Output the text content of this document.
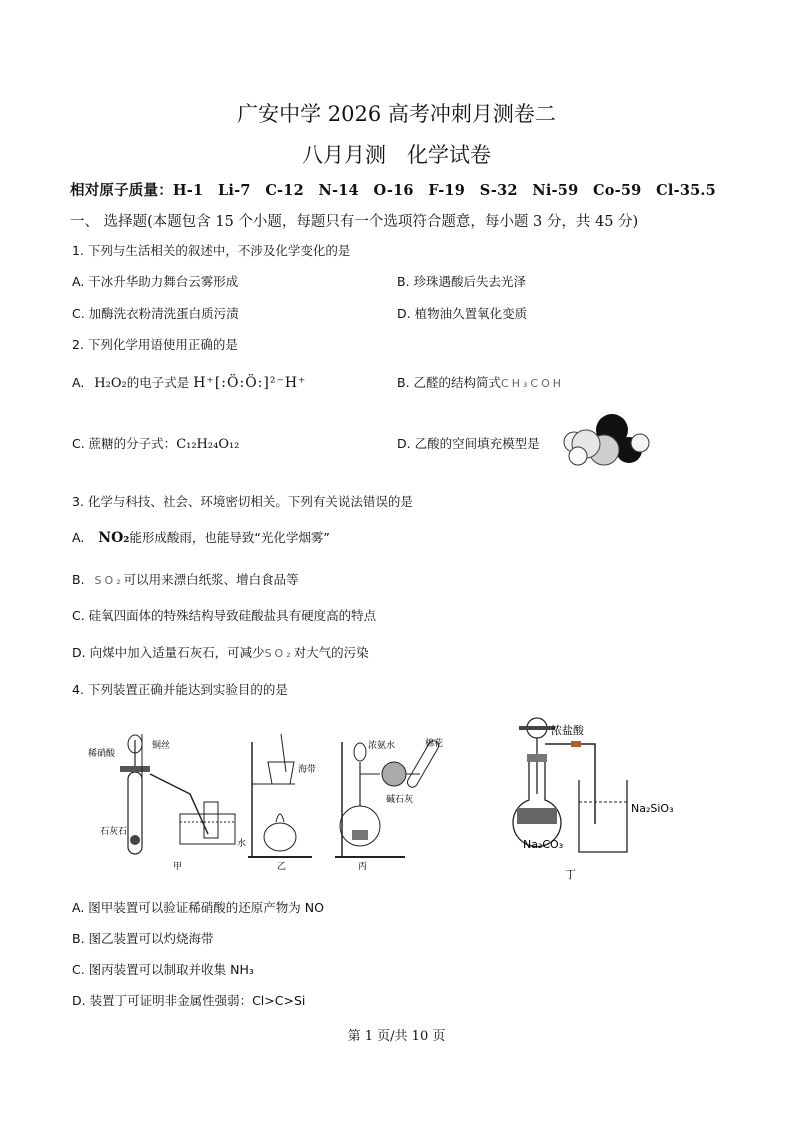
广安中学 2026 高考冲刺月测卷二
八月月测　化学试卷
相对原子质量：H-1　Li-7　C-12　N-14　O-16　F-19　S-32　Ni-59　Co-59　Cl-35.5
一、 选择题(本题包含 15 个小题，每题只有一个选项符合题意，每小题 3 分，共 45 分)
1. 下列与生活相关的叙述中，不涉及化学变化的是
A. 干冰升华助力舞台云雾形成	B. 珍珠遇酸后失去光泽
C. 加酶洗衣粉清洗蛋白质污渍	D. 植物油久置氧化变质
2. 下列化学用语使用正确的是
A. H₂O₂的电子式是 H⁺[:Ö:Ö:]²⁻H⁺	B. 乙醛的结构简式CH₃COH
C. 蔗糖的分子式：C₁₂H₂₄O₁₂	D. 乙酸的空间填充模型是
3. 化学与科技、社会、环境密切相关。下列有关说法错误的是
A. NO₂能形成酸雨，也能导致“光化学烟雾”
B. SO₂可以用来漂白纸浆、增白食品等
C. 硅氧四面体的特殊结构导致硅酸盐具有硬度高的特点
D. 向煤中加入适量石灰石，可减少SO₂对大气的污染
4. 下列装置正确并能达到实验目的的是
稀硝酸
铜丝
石灰石
水
甲
海带
乙
浓氨水	棉花
碱石灰
丙
浓盐酸
Na₂SiO₃
Na₂CO₃
丁
A. 图甲装置可以验证稀硝酸的还原产物为 NO
B. 图乙装置可以灼烧海带
C. 图丙装置可以制取并收集 NH₃
D. 装置丁可证明非金属性强弱：Cl>C>Si
第 1 页/共 10 页
